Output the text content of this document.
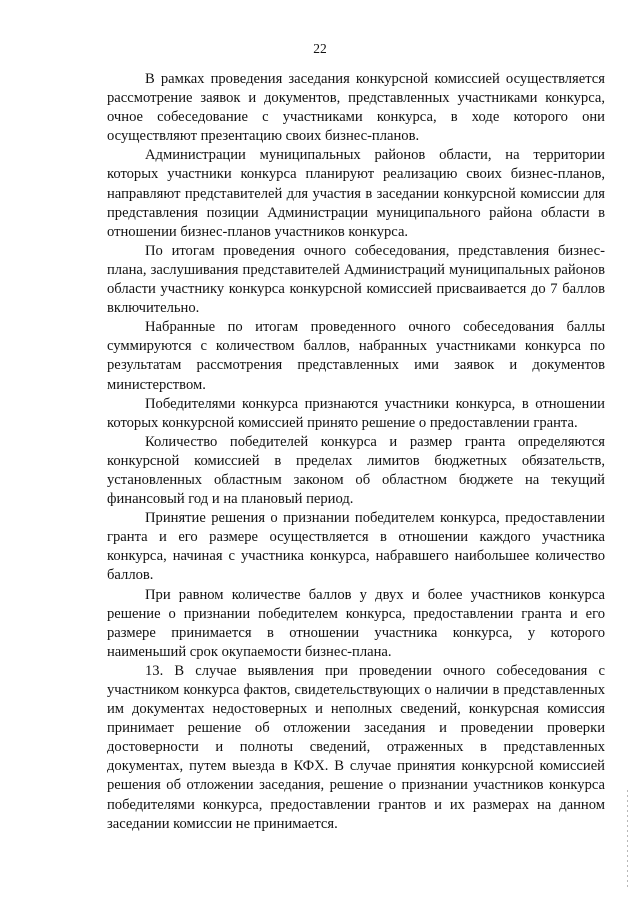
22

В рамках проведения заседания конкурсной комиссией осуществляется рассмотрение заявок и документов, представленных участниками конкурса, очное собеседование с участниками конкурса, в ходе которого они осуществляют презентацию своих бизнес-планов.

Администрации муниципальных районов области, на территории которых участники конкурса планируют реализацию своих бизнес-планов, направляют представителей для участия в заседании конкурсной комиссии для представления позиции Администрации муниципального района области в отношении бизнес-планов участников конкурса.

По итогам проведения очного собеседования, представления бизнес-плана, заслушивания представителей Администраций муниципальных районов области участнику конкурса конкурсной комиссией присваивается до 7 баллов включительно.

Набранные по итогам проведенного очного собеседования баллы суммируются с количеством баллов, набранных участниками конкурса по результатам рассмотрения представленных ими заявок и документов министерством.

Победителями конкурса признаются участники конкурса, в отношении которых конкурсной комиссией принято решение о предоставлении гранта.

Количество победителей конкурса и размер гранта определяются конкурсной комиссией в пределах лимитов бюджетных обязательств, установленных областным законом об областном бюджете на текущий финансовый год и на плановый период.

Принятие решения о признании победителем конкурса, предоставлении гранта и его размере осуществляется в отношении каждого участника конкурса, начиная с участника конкурса, набравшего наибольшее количество баллов.

При равном количестве баллов у двух и более участников конкурса решение о признании победителем конкурса, предоставлении гранта и его размере принимается в отношении участника конкурса, у которого наименьший срок окупаемости бизнес-плана.

13. В случае выявления при проведении очного собеседования с участником конкурса фактов, свидетельствующих о наличии в представленных им документах недостоверных и неполных сведений, конкурсная комиссия принимает решение об отложении заседания и проведении проверки достоверности и полноты сведений, отраженных в представленных документах, путем выезда в КФХ. В случае принятия конкурсной комиссией решения об отложении заседания, решение о признании участников конкурса победителями конкурса, предоставлении грантов и их размерах на данном заседании комиссии не принимается.
